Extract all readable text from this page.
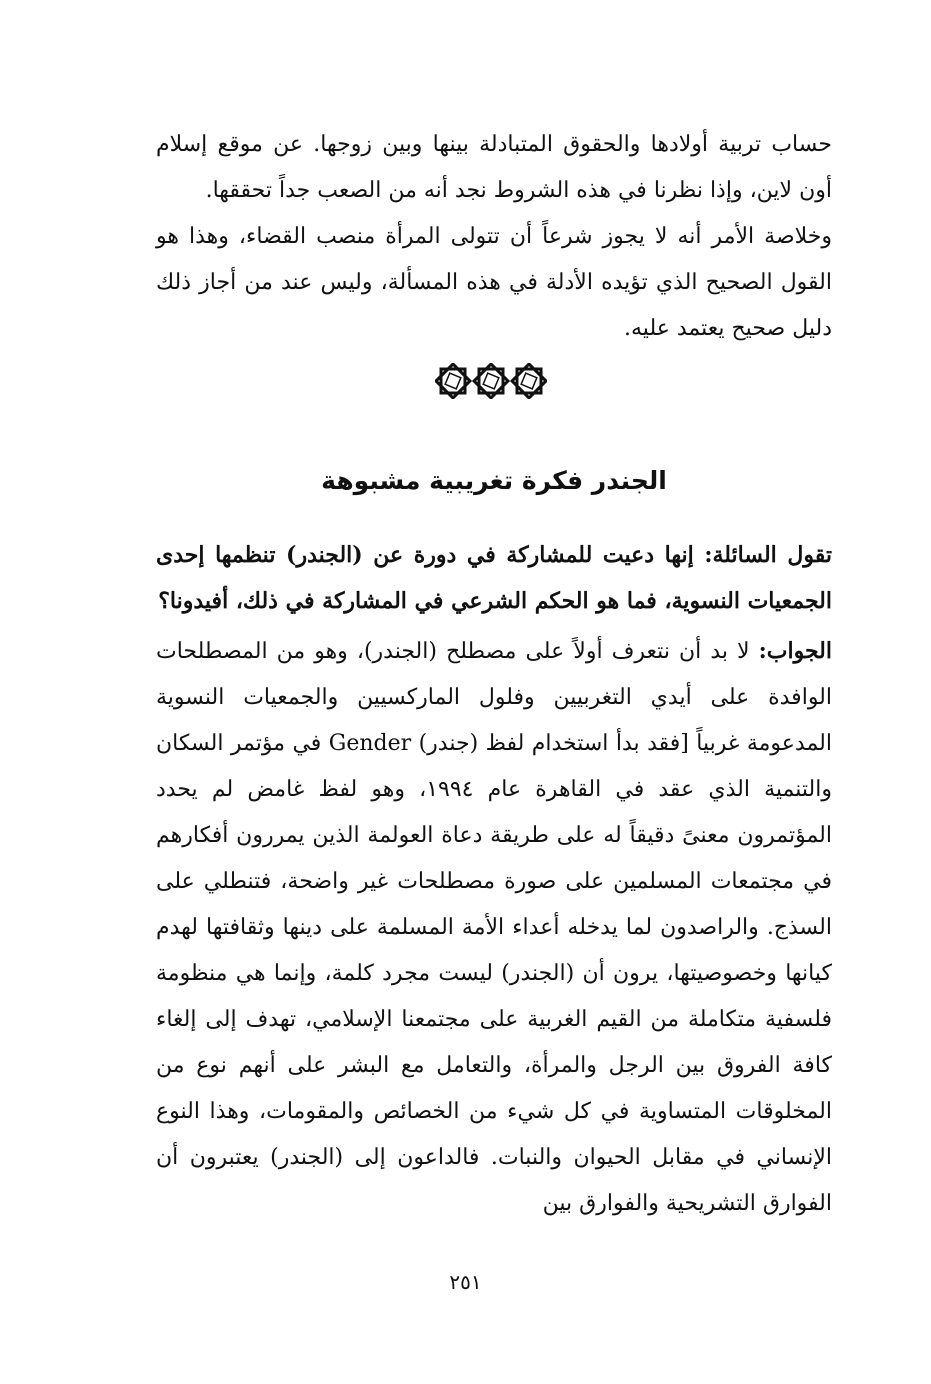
حساب تربية أولادها والحقوق المتبادلة بينها وبين زوجها. عن موقع إسلام أون لاين، وإذا نظرنا في هذه الشروط نجد أنه من الصعب جداً تحققها.

وخلاصة الأمر أنه لا يجوز شرعاً أن تتولى المرأة منصب القضاء، وهذا هو القول الصحيح الذي تؤيده الأدلة في هذه المسألة، وليس عند من أجاز ذلك دليل صحيح يعتمد عليه.

الجندر فكرة تغريبية مشبوهة

تقول السائلة: إنها دعيت للمشاركة في دورة عن (الجندر) تنظمها إحدى الجمعيات النسوية، فما هو الحكم الشرعي في المشاركة في ذلك، أفيدونا؟

الجواب: لا بد أن نتعرف أولاً على مصطلح (الجندر)، وهو من المصطلحات الوافدة على أيدي التغربيين وفلول الماركسيين والجمعيات النسوية المدعومة غربياً [فقد بدأ استخدام لفظ (جندر) Gender في مؤتمر السكان والتنمية الذي عقد في القاهرة عام ١٩٩٤، وهو لفظ غامض لم يحدد المؤتمرون معنىً دقيقاً له على طريقة دعاة العولمة الذين يمررون أفكارهم في مجتمعات المسلمين على صورة مصطلحات غير واضحة، فتنطلي على السذج. والراصدون لما يدخله أعداء الأمة المسلمة على دينها وثقافتها لهدم كيانها وخصوصيتها، يرون أن (الجندر) ليست مجرد كلمة، وإنما هي منظومة فلسفية متكاملة من القيم الغربية على مجتمعنا الإسلامي، تهدف إلى إلغاء كافة الفروق بين الرجل والمرأة، والتعامل مع البشر على أنهم نوع من المخلوقات المتساوية في كل شيء من الخصائص والمقومات، وهذا النوع الإنساني في مقابل الحيوان والنبات. فالداعون إلى (الجندر) يعتبرون أن الفوارق التشريحية والفوارق بين

٢٥١
